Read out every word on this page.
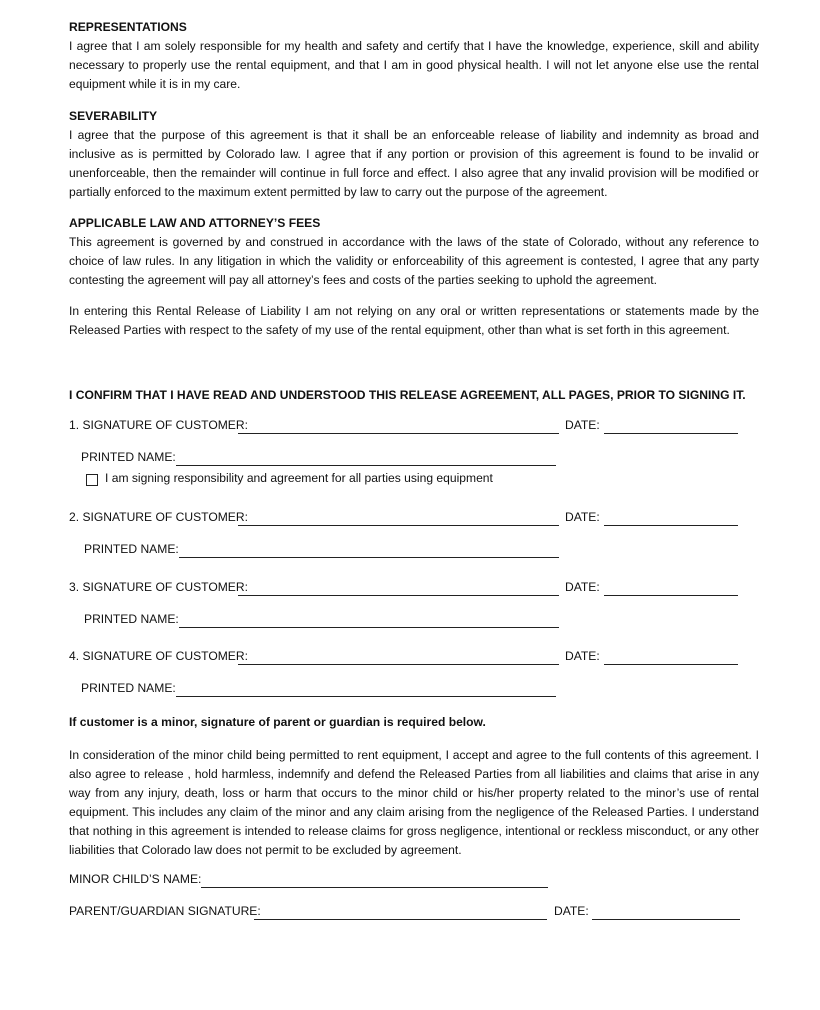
REPRESENTATIONS
I agree that I am solely responsible for my health and safety and certify that I have the knowledge, experience, skill and ability necessary to properly use the rental equipment, and that I am in good physical health. I will not let anyone else use the rental equipment while it is in my care.
SEVERABILITY
I agree that the purpose of this agreement is that it shall be an enforceable release of liability and indemnity as broad and inclusive as is permitted by Colorado law. I agree that if any portion or provision of this agreement is found to be invalid or unenforceable, then the remainder will continue in full force and effect. I also agree that any invalid provision will be modified or partially enforced to the maximum extent permitted by law to carry out the purpose of the agreement.
APPLICABLE LAW AND ATTORNEY’S FEES
This agreement is governed by and construed in accordance with the laws of the state of Colorado, without any reference to choice of law rules. In any litigation in which the validity or enforceability of this agreement is contested, I agree that any party contesting the agreement will pay all attorney’s fees and costs of the parties seeking to uphold the agreement.
In entering this Rental Release of Liability I am not relying on any oral or written representations or statements made by the Released Parties with respect to the safety of my use of the rental equipment, other than what is set forth in this agreement.
I CONFIRM THAT I HAVE READ AND UNDERSTOOD THIS RELEASE AGREEMENT, ALL PAGES, PRIOR TO SIGNING IT.
1. SIGNATURE OF CUSTOMER:	DATE:
PRINTED NAME:
I am signing responsibility and agreement for all parties using equipment
2. SIGNATURE OF CUSTOMER:	DATE:
PRINTED NAME:
3. SIGNATURE OF CUSTOMER:	DATE:
PRINTED NAME:
4. SIGNATURE OF CUSTOMER:	DATE:
PRINTED NAME:
If customer is a minor, signature of parent or guardian is required below.
In consideration of the minor child being permitted to rent equipment, I accept and agree to the full contents of this agreement. I also agree to release , hold harmless, indemnify and defend the Released Parties from all liabilities and claims that arise in any way from any injury, death, loss or harm that occurs to the minor child or his/her property related to the minor’s use of rental equipment. This includes any claim of the minor and any claim arising from the negligence of the Released Parties. I understand that nothing in this agreement is intended to release claims for gross negligence, intentional or reckless misconduct, or any other liabilities that Colorado law does not permit to be excluded by agreement.
MINOR CHILD’S NAME:
PARENT/GUARDIAN SIGNATURE:	DATE:
